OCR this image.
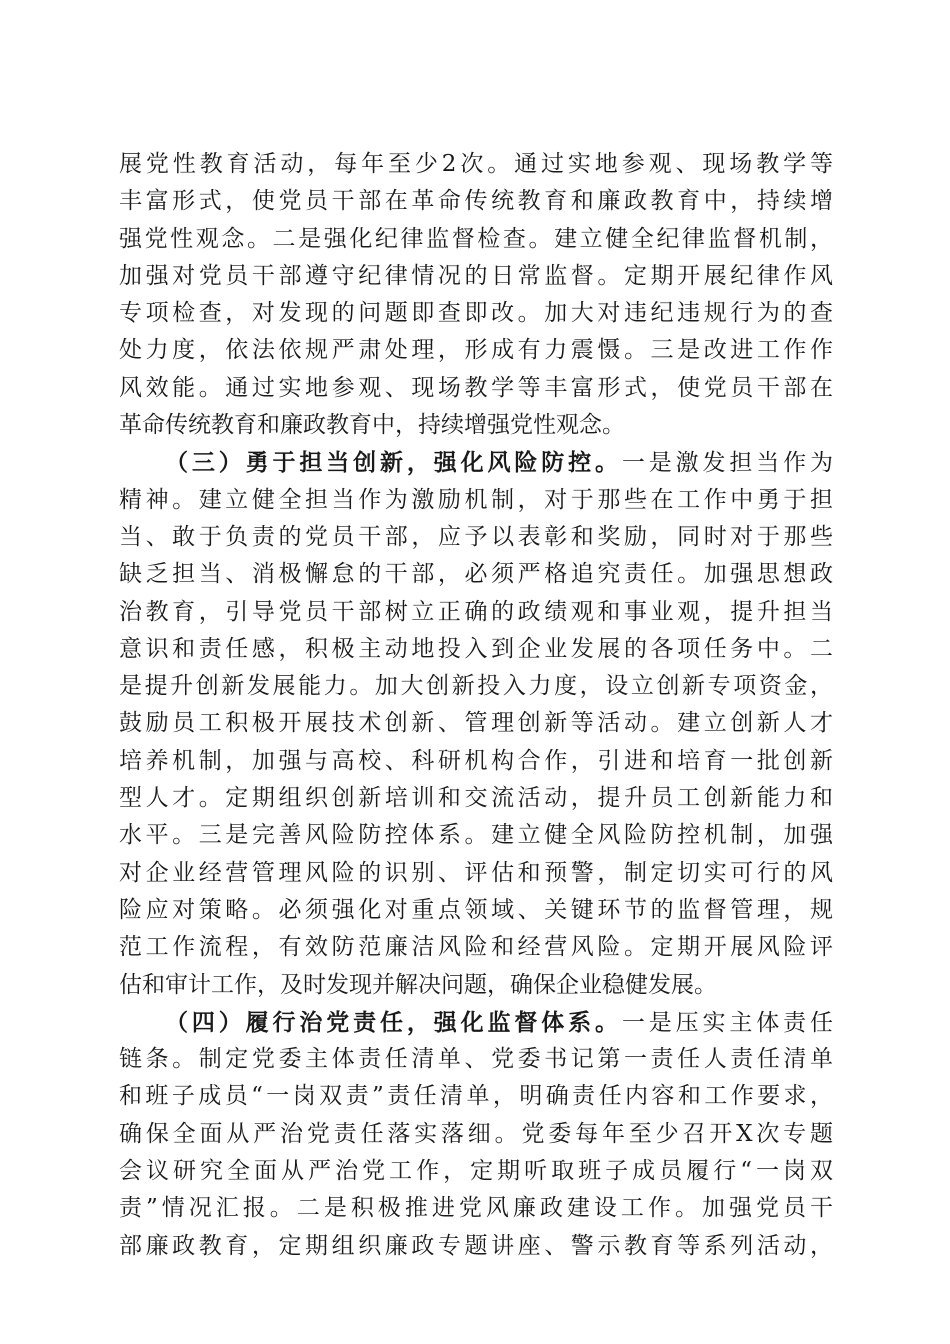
展党性教育活动，每年至少2次。通过实地参观、现场教学等
丰富形式，使党员干部在革命传统教育和廉政教育中，持续增
强党性观念。二是强化纪律监督检查。建立健全纪律监督机制，
加强对党员干部遵守纪律情况的日常监督。定期开展纪律作风
专项检查，对发现的问题即查即改。加大对违纪违规行为的查
处力度，依法依规严肃处理，形成有力震慑。三是改进工作作
风效能。通过实地参观、现场教学等丰富形式，使党员干部在
革命传统教育和廉政教育中，持续增强党性观念。
（三）勇于担当创新，强化风险防控。一是激发担当作为
精神。建立健全担当作为激励机制，对于那些在工作中勇于担
当、敢于负责的党员干部，应予以表彰和奖励，同时对于那些
缺乏担当、消极懈怠的干部，必须严格追究责任。加强思想政
治教育，引导党员干部树立正确的政绩观和事业观，提升担当
意识和责任感，积极主动地投入到企业发展的各项任务中。二
是提升创新发展能力。加大创新投入力度，设立创新专项资金，
鼓励员工积极开展技术创新、管理创新等活动。建立创新人才
培养机制，加强与高校、科研机构合作，引进和培育一批创新
型人才。定期组织创新培训和交流活动，提升员工创新能力和
水平。三是完善风险防控体系。建立健全风险防控机制，加强
对企业经营管理风险的识别、评估和预警，制定切实可行的风
险应对策略。必须强化对重点领域、关键环节的监督管理，规
范工作流程，有效防范廉洁风险和经营风险。定期开展风险评
估和审计工作，及时发现并解决问题，确保企业稳健发展。
（四）履行治党责任，强化监督体系。一是压实主体责任
链条。制定党委主体责任清单、党委书记第一责任人责任清单
和班子成员“一岗双责”责任清单，明确责任内容和工作要求，
确保全面从严治党责任落实落细。党委每年至少召开X次专题
会议研究全面从严治党工作，定期听取班子成员履行“一岗双
责”情况汇报。二是积极推进党风廉政建设工作。加强党员干
部廉政教育，定期组织廉政专题讲座、警示教育等系列活动，
